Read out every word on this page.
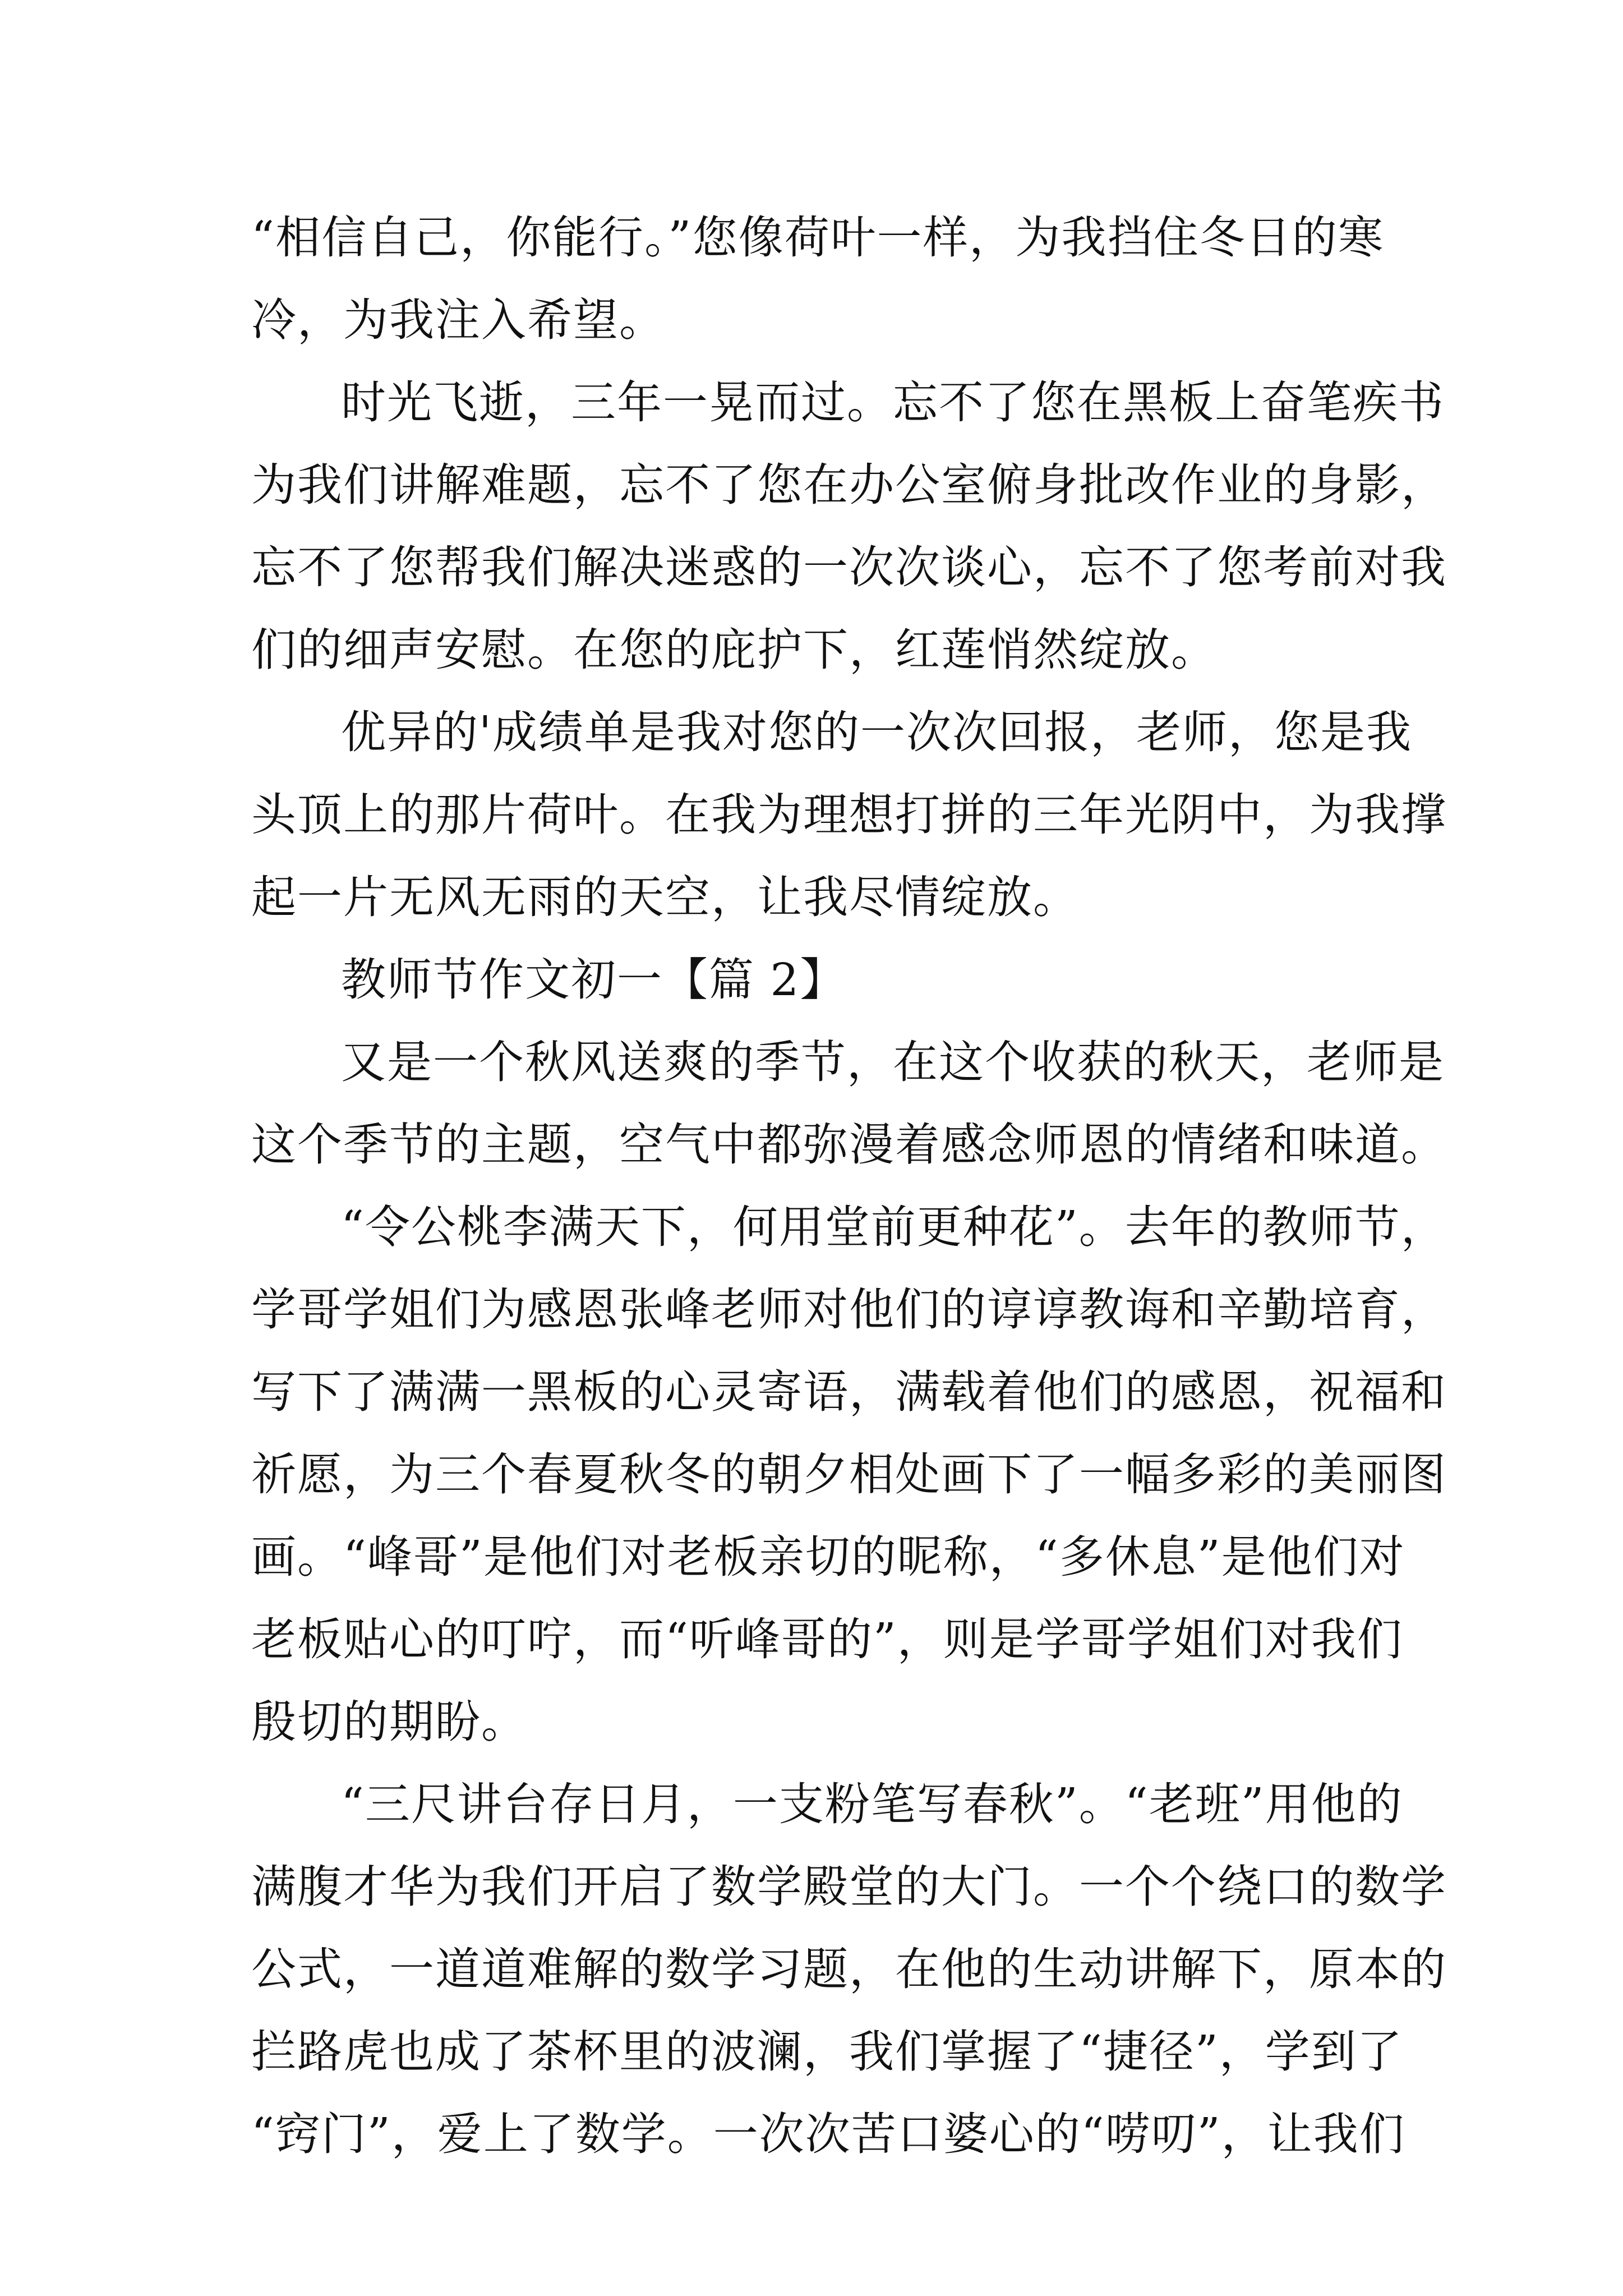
“相信自己，你能行。”您像荷叶一样，为我挡住冬日的寒
冷，为我注入希望。
时光飞逝，三年一晃而过。忘不了您在黑板上奋笔疾书
为我们讲解难题，忘不了您在办公室俯身批改作业的身影，
忘不了您帮我们解决迷惑的一次次谈心，忘不了您考前对我
们的细声安慰。在您的庇护下，红莲悄然绽放。
优异的'成绩单是我对您的一次次回报，老师，您是我
头顶上的那片荷叶。在我为理想打拼的三年光阴中，为我撑
起一片无风无雨的天空，让我尽情绽放。
教师节作文初一【篇 2】
又是一个秋风送爽的季节，在这个收获的秋天，老师是
这个季节的主题，空气中都弥漫着感念师恩的情绪和味道。
“令公桃李满天下，何用堂前更种花”。去年的教师节，
学哥学姐们为感恩张峰老师对他们的谆谆教诲和辛勤培育，
写下了满满一黑板的心灵寄语，满载着他们的感恩，祝福和
祈愿，为三个春夏秋冬的朝夕相处画下了一幅多彩的美丽图
画。“峰哥”是他们对老板亲切的昵称，“多休息”是他们对
老板贴心的叮咛，而“听峰哥的”，则是学哥学姐们对我们
殷切的期盼。
“三尺讲台存日月，一支粉笔写春秋”。“老班”用他的
满腹才华为我们开启了数学殿堂的大门。一个个绕口的数学
公式，一道道难解的数学习题，在他的生动讲解下，原本的
拦路虎也成了茶杯里的波澜，我们掌握了“捷径”，学到了
“窍门”，爱上了数学。一次次苦口婆心的“唠叨”，让我们
